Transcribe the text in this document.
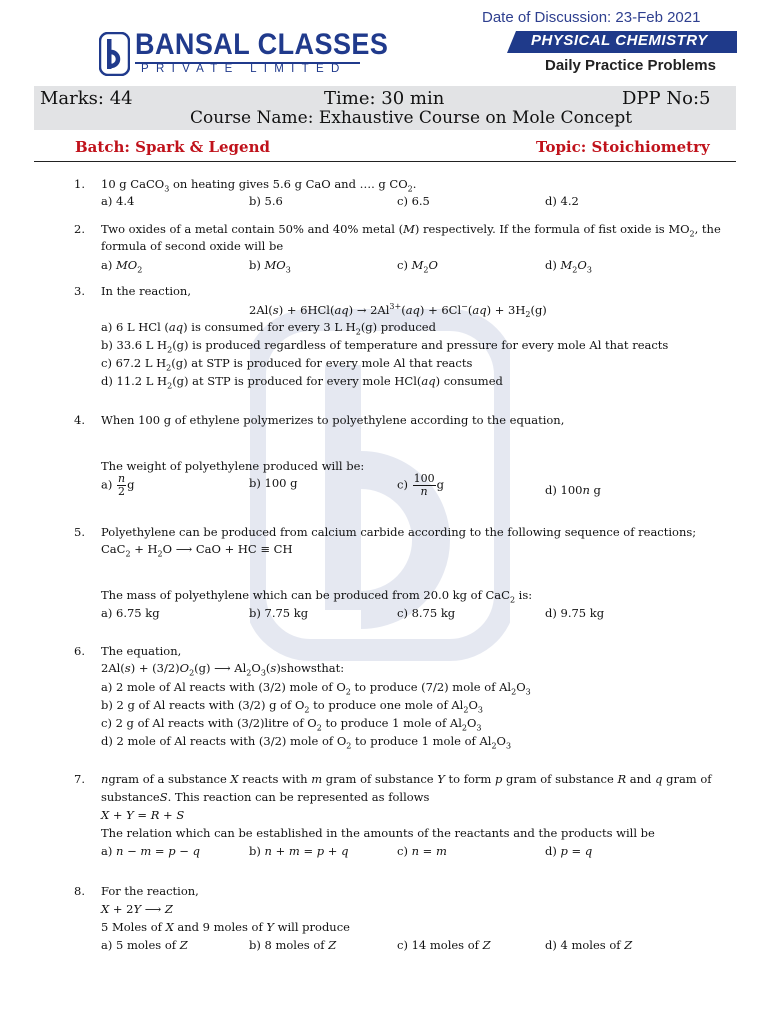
Date of Discussion: 23-Feb 2021
BANSAL CLASSES
PRIVATE LIMITED
PHYSICAL CHEMISTRY
Daily Practice Problems
Marks: 44	Time: 30 min	DPP No:5
Course Name: Exhaustive Course on Mole Concept
Batch: Spark & Legend	Topic: Stoichiometry
1. 10 g CaCO$_3$ on heating gives 5.6 g CaO and …. g $CO_2$.
a) 4.4	b) 5.6	c) 6.5	d) 4.2
2. Two oxides of a metal contain 50% and 40% metal (M) respectively. If the formula of fist oxide is $MO_2$, the
formula of second oxide will be
a) $MO_2$	b) $MO_3$	c) $M_2O$	d) $M_2O_3$
3. In the reaction,
$2Al(s) + 6HCl(aq) \to 2Al^{3+}(aq) + 6Cl^-(aq) + 3H_2(g)$
a) 6 L HCl (aq) is consumed for every 3 L $H_2(g)$ produced
b) 33.6 L $H_2(g)$ is produced regardless of temperature and pressure for every mole Al that reacts
c) 67.2 L $H_2(g)$ at STP is produced for every mole Al that reacts
d) 11.2 L $H_2(g)$ at STP is produced for every mole HCl(aq) consumed
4. When 100 g of ethylene polymerizes to polyethylene according to the equation,
The weight of polyethylene produced will be:
$a) \frac{n}{2}$ g	b) 100 g	$c) \frac{100}{n}$ g	d) 100n g
5. Polyethylene can be produced from calcium carbide according to the following sequence of reactions;
$CaC_2 + H_2O$ ⟶ CaO + HC ≡ CH
The mass of polyethylene which can be produced from 20.0 kg of CaC$_2$ is:
a) 6.75 kg	b) 7.75 kg	c) 8.75 kg	d) 9.75 kg
6. The equation,
$2Al(s) + (3/2)O_2(g)$ ⟶ $Al_2O_3(s)showsthat$:
a) 2 mole of Al reacts with (3/2) mole of $O_2$ to produce (7/2) mole of $Al_2O_3$
b) 2 g of Al reacts with (3/2) g of $O_2$ to produce one mole of $Al_2O_3$
c) 2 g of Al reacts with (3/2)litre of $O_2$ to produce 1 mole of $Al_2O_3$
d) 2 mole of Al reacts with (3/2) mole of $O_2$ to produce 1 mole of $Al_2O_3$
7. ngram of a substance X reacts with m gram of substance Y to form p gram of substance R and q gram of
substanceS. This reaction can be represented as follows
X + Y = R + S
The relation which can be established in the amounts of the reactants and the products will be
a) n − m = p − q	b) n + m = p + q	c) n = m	d) p = q
8. For the reaction,
X + 2Y ⟶ Z
5 Moles of X and 9 moles of Y will produce
a) 5 moles of Z	b) 8 moles of Z	c) 14 moles of Z	d) 4 moles of Z
